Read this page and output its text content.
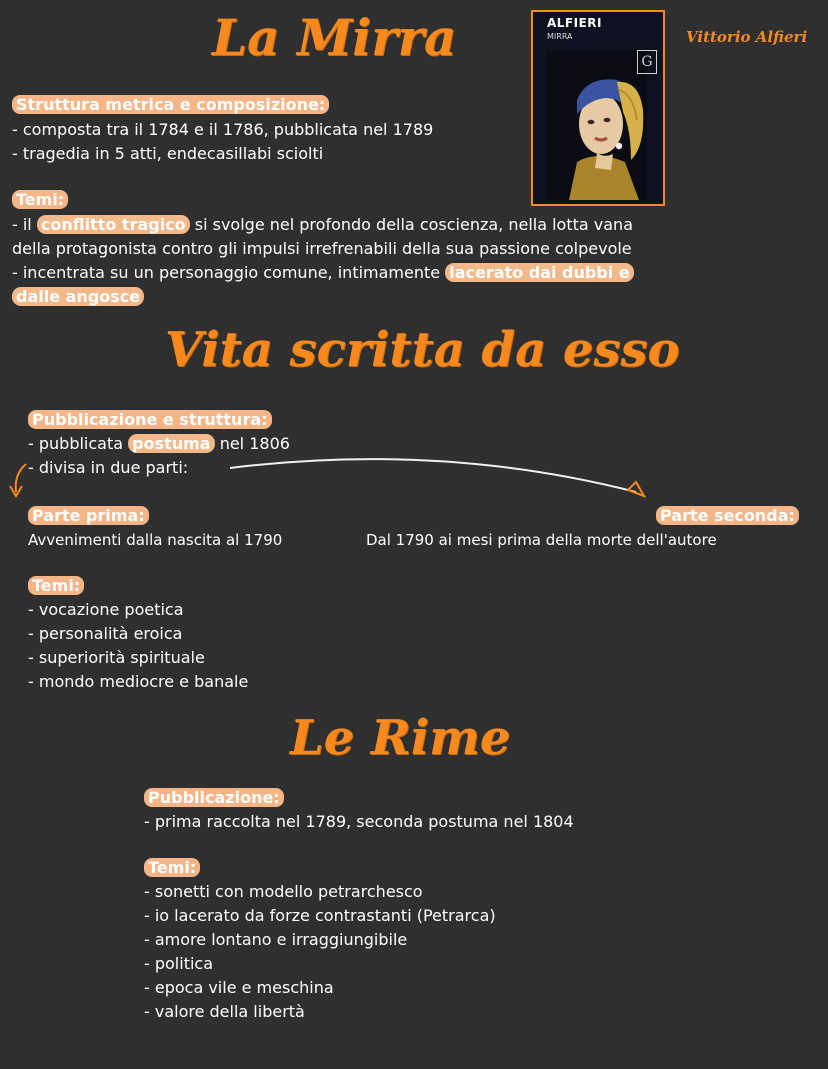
La Mirra	Vittorio Alfieri
ALFIERI
MIRRA
G
Struttura metrica e composizione:
- composta tra il 1784 e il 1786, pubblicata nel 1789
- tragedia in 5 atti, endecasillabi sciolti
Temi:
- il conflitto tragico si svolge nel profondo della coscienza, nella lotta vana
della protagonista contro gli impulsi irrefrenabili della sua passione colpevole
- incentrata su un personaggio comune, intimamente lacerato dai dubbi e
dalle angosce
Vita scritta da esso
Pubblicazione e struttura:
- pubblicata postuma nel 1806
- divisa in due parti:
Parte prima:
Avvenimenti dalla nascita al 1790
Parte seconda:
Dal 1790 ai mesi prima della morte dell'autore
Temi:
- vocazione poetica
- personalità eroica
- superiorità spirituale
- mondo mediocre e banale
Le Rime
Pubblicazione:
- prima raccolta nel 1789, seconda postuma nel 1804
Temi:
- sonetti con modello petrarchesco
- io lacerato da forze contrastanti (Petrarca)
- amore lontano e irraggiungibile
- politica
- epoca vile e meschina
- valore della libertà
